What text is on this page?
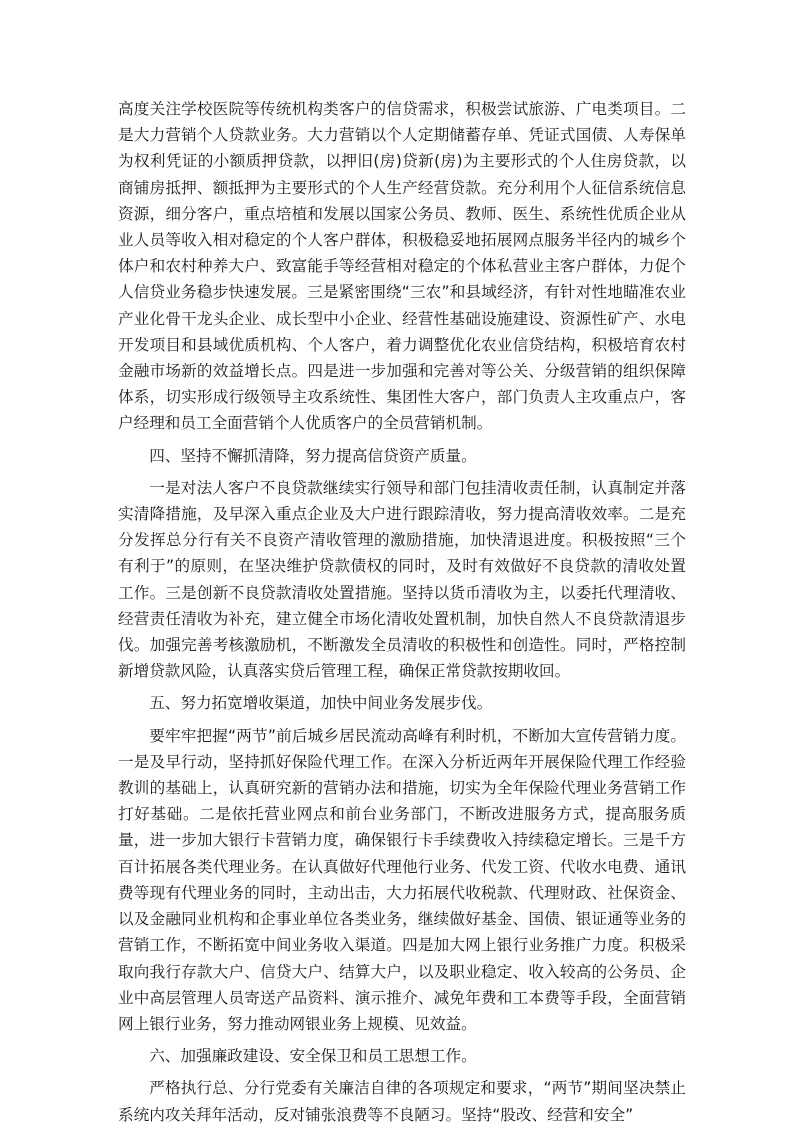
高度关注学校医院等传统机构类客户的信贷需求，积极尝试旅游、广电类项目。二是大力营销个人贷款业务。大力营销以个人定期储蓄存单、凭证式国债、人寿保单为权利凭证的小额质押贷款，以押旧(房)贷新(房)为主要形式的个人住房贷款，以商铺房抵押、额抵押为主要形式的个人生产经营贷款。充分利用个人征信系统信息资源，细分客户，重点培植和发展以国家公务员、教师、医生、系统性优质企业从业人员等收入相对稳定的个人客户群体，积极稳妥地拓展网点服务半径内的城乡个体户和农村种养大户、致富能手等经营相对稳定的个体私营业主客户群体，力促个人信贷业务稳步快速发展。三是紧密围绕“三农”和县域经济，有针对性地瞄准农业产业化骨干龙头企业、成长型中小企业、经营性基础设施建设、资源性矿产、水电开发项目和县域优质机构、个人客户，着力调整优化农业信贷结构，积极培育农村金融市场新的效益增长点。四是进一步加强和完善对等公关、分级营销的组织保障体系，切实形成行级领导主攻系统性、集团性大客户，部门负责人主攻重点户，客户经理和员工全面营销个人优质客户的全员营销机制。

四、坚持不懈抓清降，努力提高信贷资产质量。

一是对法人客户不良贷款继续实行领导和部门包挂清收责任制，认真制定并落实清降措施，及早深入重点企业及大户进行跟踪清收，努力提高清收效率。二是充分发挥总分行有关不良资产清收管理的激励措施，加快清退进度。积极按照“三个有利于”的原则，在坚决维护贷款债权的同时，及时有效做好不良贷款的清收处置工作。三是创新不良贷款清收处置措施。坚持以货币清收为主，以委托代理清收、经营责任清收为补充，建立健全市场化清收处置机制，加快自然人不良贷款清退步伐。加强完善考核激励机，不断激发全员清收的积极性和创造性。同时，严格控制新增贷款风险，认真落实贷后管理工程，确保正常贷款按期收回。

五、努力拓宽增收渠道，加快中间业务发展步伐。

要牢牢把握“两节”前后城乡居民流动高峰有利时机，不断加大宣传营销力度。一是及早行动，坚持抓好保险代理工作。在深入分析近两年开展保险代理工作经验教训的基础上，认真研究新的营销办法和措施，切实为全年保险代理业务营销工作打好基础。二是依托营业网点和前台业务部门，不断改进服务方式，提高服务质量，进一步加大银行卡营销力度，确保银行卡手续费收入持续稳定增长。三是千方百计拓展各类代理业务。在认真做好代理他行业务、代发工资、代收水电费、通讯费等现有代理业务的同时，主动出击，大力拓展代收税款、代理财政、社保资金、以及金融同业机构和企事业单位各类业务，继续做好基金、国债、银证通等业务的营销工作，不断拓宽中间业务收入渠道。四是加大网上银行业务推广力度。积极采取向我行存款大户、信贷大户、结算大户，以及职业稳定、收入较高的公务员、企业中高层管理人员寄送产品资料、演示推介、减免年费和工本费等手段，全面营销网上银行业务，努力推动网银业务上规模、见效益。

六、加强廉政建设、安全保卫和员工思想工作。

严格执行总、分行党委有关廉洁自律的各项规定和要求，“两节”期间坚决禁止系统内攻关拜年活动，反对铺张浪费等不良陋习。坚持“股改、经营和安全”
